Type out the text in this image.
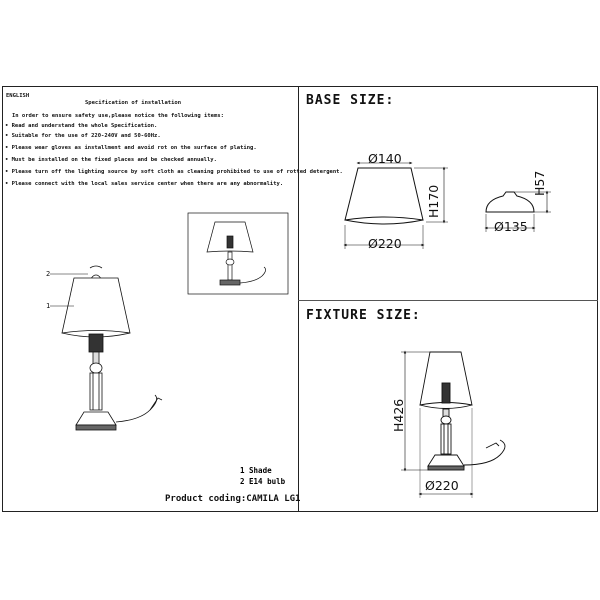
ENGLISH
Specification of installation
In order to ensure safety use,please notice the following items:
• Read and understand the whole Specification.
• Suitable for the use of 220-240V and 50-60Hz.
• Please wear gloves as installment and avoid rot on the surface of plating.
• Must be installed on the fixed places and be checked annually.
• Please turn off the lighting source by soft cloth as cleaning prohibited to use of rotted detergent.
• Please connect with the local sales service center when there are any abnormality.
2
1
1 Shade
2 E14 bulb
Product coding:CAMILA LG1
BASE SIZE:
FIXTURE SIZE:
Ø140
H170
Ø220
H57
Ø135
H426
Ø220
